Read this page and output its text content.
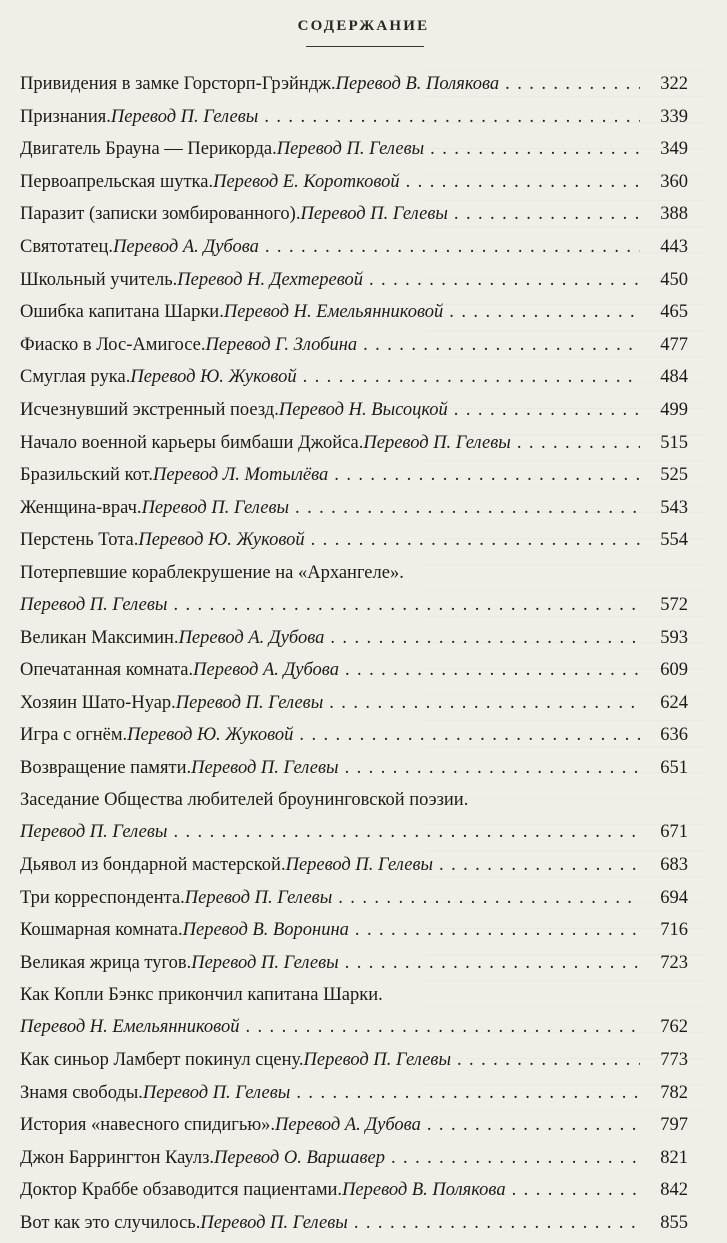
СОДЕРЖАНИЕ
Привидения в замке Горсторп-Грэйндж. Перевод В. Полякова . . .	322
Признания. Перевод П. Гелевы . . .	339
Двигатель Брауна — Перикорда. Перевод П. Гелевы . . .	349
Первоапрельская шутка. Перевод Е. Коротковой . . .	360
Паразит (записки зомбированного). Перевод П. Гелевы . . .	388
Святотатец. Перевод А. Дубова . . .	443
Школьный учитель. Перевод Н. Дехтеревой . . .	450
Ошибка капитана Шарки. Перевод Н. Емельянниковой . . .	465
Фиаско в Лос-Амигосе. Перевод Г. Злобина . . .	477
Смуглая рука. Перевод Ю. Жуковой . . .	484
Исчезнувший экстренный поезд. Перевод Н. Высоцкой . . .	499
Начало военной карьеры бимбаши Джойса. Перевод П. Гелевы . . .	515
Бразильский кот. Перевод Л. Мотылёва . . .	525
Женщина-врач. Перевод П. Гелевы . . .	543
Перстень Тота. Перевод Ю. Жуковой . . .	554
Потерпевшие кораблекрушение на «Архангеле».
Перевод П. Гелевы . . .	572
Великан Максимин. Перевод А. Дубова . . .	593
Опечатанная комната. Перевод А. Дубова . . .	609
Хозяин Шато-Нуар. Перевод П. Гелевы . . .	624
Игра с огнём. Перевод Ю. Жуковой . . .	636
Возвращение памяти. Перевод П. Гелевы . . .	651
Заседание Общества любителей броунинговской поэзии.
Перевод П. Гелевы . . .	671
Дьявол из бондарной мастерской. Перевод П. Гелевы . . .	683
Три корреспондента. Перевод П. Гелевы . . .	694
Кошмарная комната. Перевод В. Воронина . . .	716
Великая жрица тугов. Перевод П. Гелевы . . .	723
Как Копли Бэнкс прикончил капитана Шарки.
Перевод Н. Емельянниковой . . .	762
Как синьор Ламберт покинул сцену. Перевод П. Гелевы . . .	773
Знамя свободы. Перевод П. Гелевы . . .	782
История «навесного спидигью». Перевод А. Дубова . . .	797
Джон Баррингтон Каулз. Перевод О. Варшавер . . .	821
Доктор Краббе обзаводится пациентами. Перевод В. Полякова . . .	842
Вот как это случилось. Перевод П. Гелевы . . .	855
